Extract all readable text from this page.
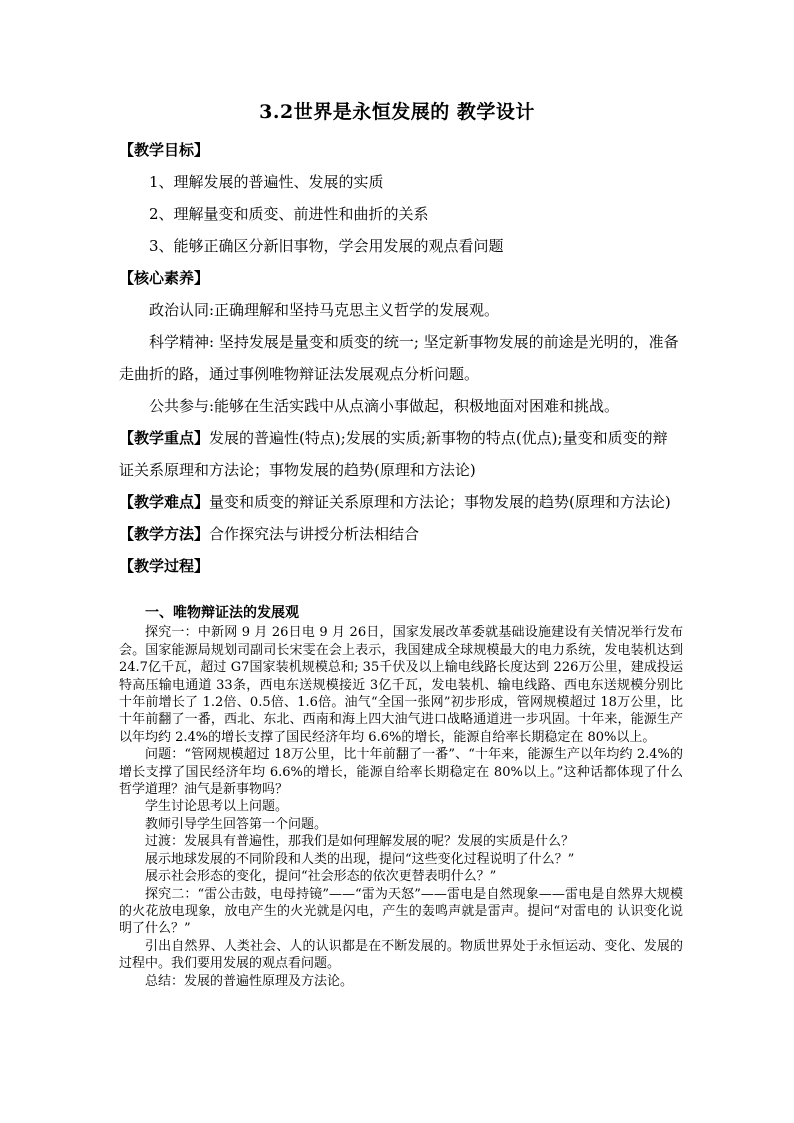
3.2世界是永恒发展的 教学设计

【教学目标】

1、理解发展的普遍性、发展的实质

2、理解量变和质变、前进性和曲折的关系

3、能够正确区分新旧事物，学会用发展的观点看问题

【核心素养】

政治认同:正确理解和坚持马克思主义哲学的发展观。

科学精神: 坚持发展是量变和质变的统一; 坚定新事物发展的前途是光明的，准备走曲折的路，通过事例唯物辩证法发展观点分析问题。

公共参与:能够在生活实践中从点滴小事做起，积极地面对困难和挑战。

【教学重点】发展的普遍性(特点);发展的实质;新事物的特点(优点);量变和质变的辩证关系原理和方法论；事物发展的趋势(原理和方法论)

【教学难点】量变和质变的辩证关系原理和方法论；事物发展的趋势(原理和方法论)

【教学方法】合作探究法与讲授分析法相结合

【教学过程】

一、唯物辩证法的发展观

探究一：中新网 9 月 26日电 9 月 26日，国家发展改革委就基础设施建设有关情况举行发布会。国家能源局规划司副司长宋雯在会上表示，我国建成全球规模最大的电力系统，发电装机达到 24.7亿千瓦，超过 G7国家装机规模总和; 35千伏及以上输电线路长度达到 226万公里，建成投运特高压输电通道 33条，西电东送规模接近 3亿千瓦，发电装机、输电线路、西电东送规模分别比十年前增长了 1.2倍、0.5倍、1.6倍。油气“全国一张网”初步形成，管网规模超过 18万公里，比十年前翻了一番，西北、东北、西南和海上四大油气进口战略通道进一步巩固。十年来，能源生产以年均约 2.4%的增长支撑了国民经济年均 6.6%的增长，能源自给率长期稳定在 80%以上。

问题：“管网规模超过 18万公里，比十年前翻了一番”、“十年来，能源生产以年均约 2.4%的增长支撑了国民经济年均 6.6%的增长，能源自给率长期稳定在 80%以上。”这种话都体现了什么哲学道理？油气是新事物吗？

学生讨论思考以上问题。

教师引导学生回答第一个问题。

过渡：发展具有普遍性，那我们是如何理解发展的呢？发展的实质是什么？

展示地球发展的不同阶段和人类的出现，提问“这些变化过程说明了什么？”

展示社会形态的变化，提问“社会形态的依次更替表明什么？”

探究二：“雷公击鼓，电母持镜”——“雷为天怒”——雷电是自然现象——雷电是自然界大规模的火花放电现象，放电产生的火光就是闪电，产生的轰鸣声就是雷声。提问“对雷电的 认识变化说明了什么？”

引出自然界、人类社会、人的认识都是在不断发展的。物质世界处于永恒运动、变化、发展的过程中。我们要用发展的观点看问题。

总结：发展的普遍性原理及方法论。
